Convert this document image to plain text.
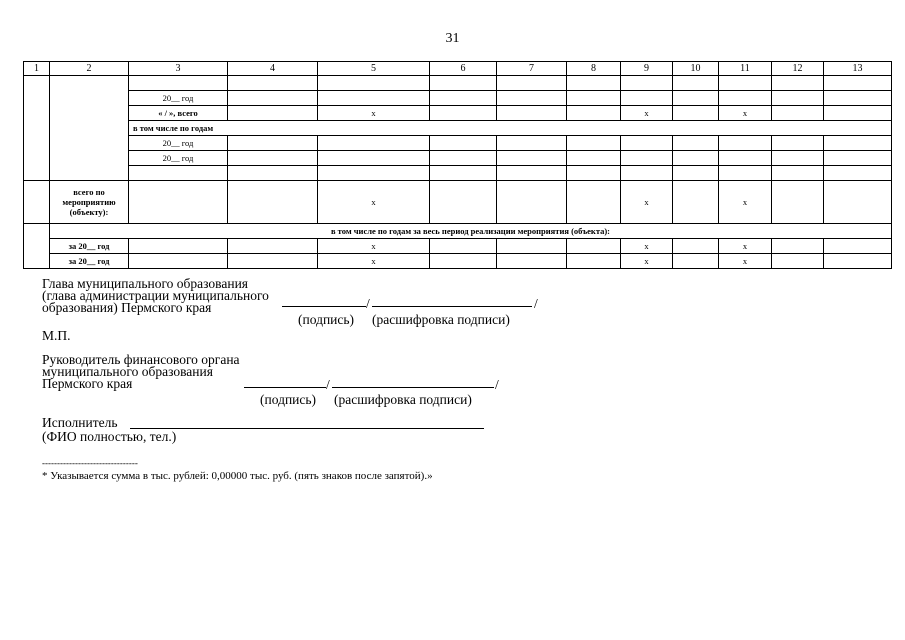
31
1	2	3	4	5	6	7	8	9	10	11	12	13

		20__ год										
		« / », всего		x				x		x		
		в том числе по годам										
		20__ год										
		20__ год										

	всего по мероприятию (объекту):			x				x		x		
	в том числе по годам за весь период реализации мероприятия (объекта):											
	за 20__ год			x				x		x		
	за 20__ год			x				x		x		
Глава муниципального образования
(глава администрации муниципального
образования) Пермского края	/	/
(подпись) (расшифровка подписи)
М.П.
Руководитель финансового органа
муниципального образования
Пермского края	/	/
(подпись) (расшифровка подписи)
Исполнитель
(ФИО полностью, тел.)
--------------------------------
* Указывается сумма в тыс. рублей: 0,00000 тыс. руб. (пять знаков после запятой).»
